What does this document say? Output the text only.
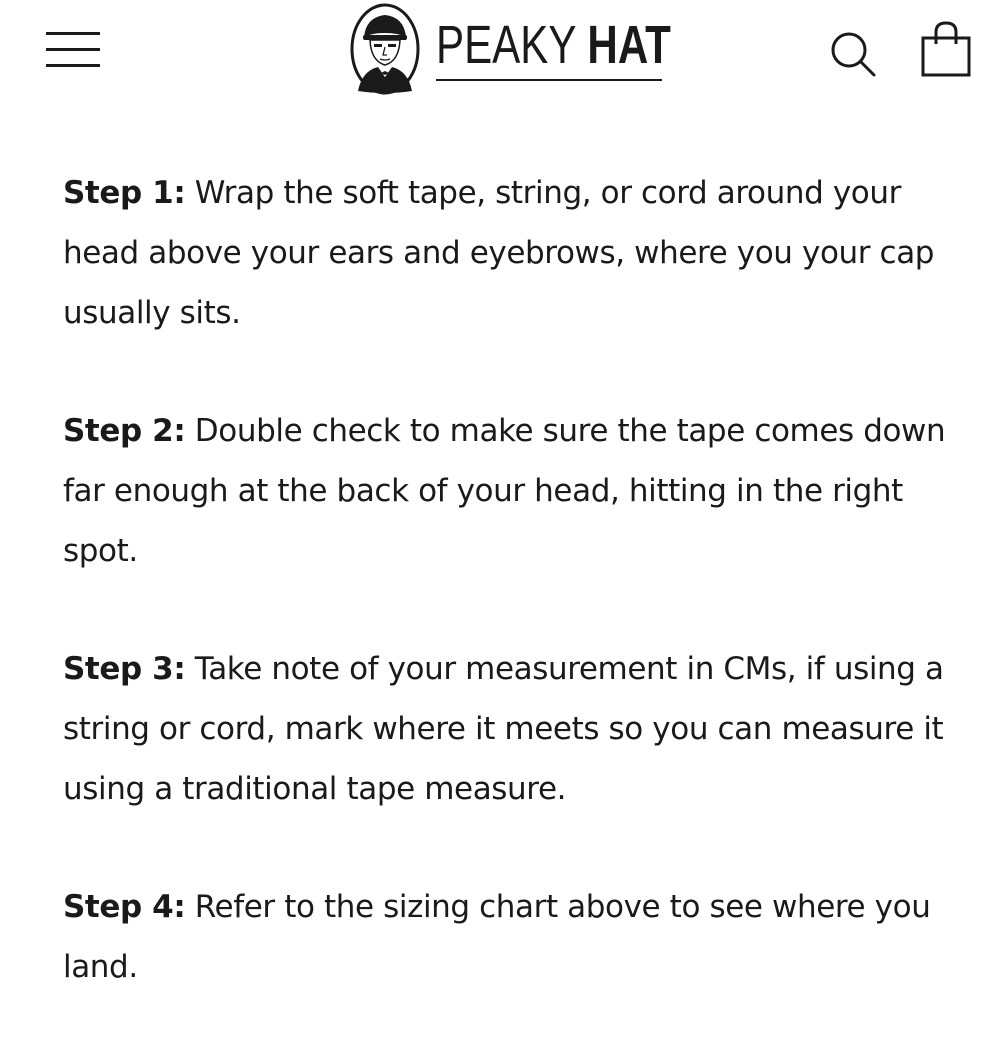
PEAKY HAT

Step 1: Wrap the soft tape, string, or cord around your head above your ears and eyebrows, where you your cap usually sits.

Step 2: Double check to make sure the tape comes down far enough at the back of your head, hitting in the right spot.

Step 3: Take note of your measurement in CMs, if using a string or cord, mark where it meets so you can measure it using a traditional tape measure.

Step 4: Refer to the sizing chart above to see where you land.
